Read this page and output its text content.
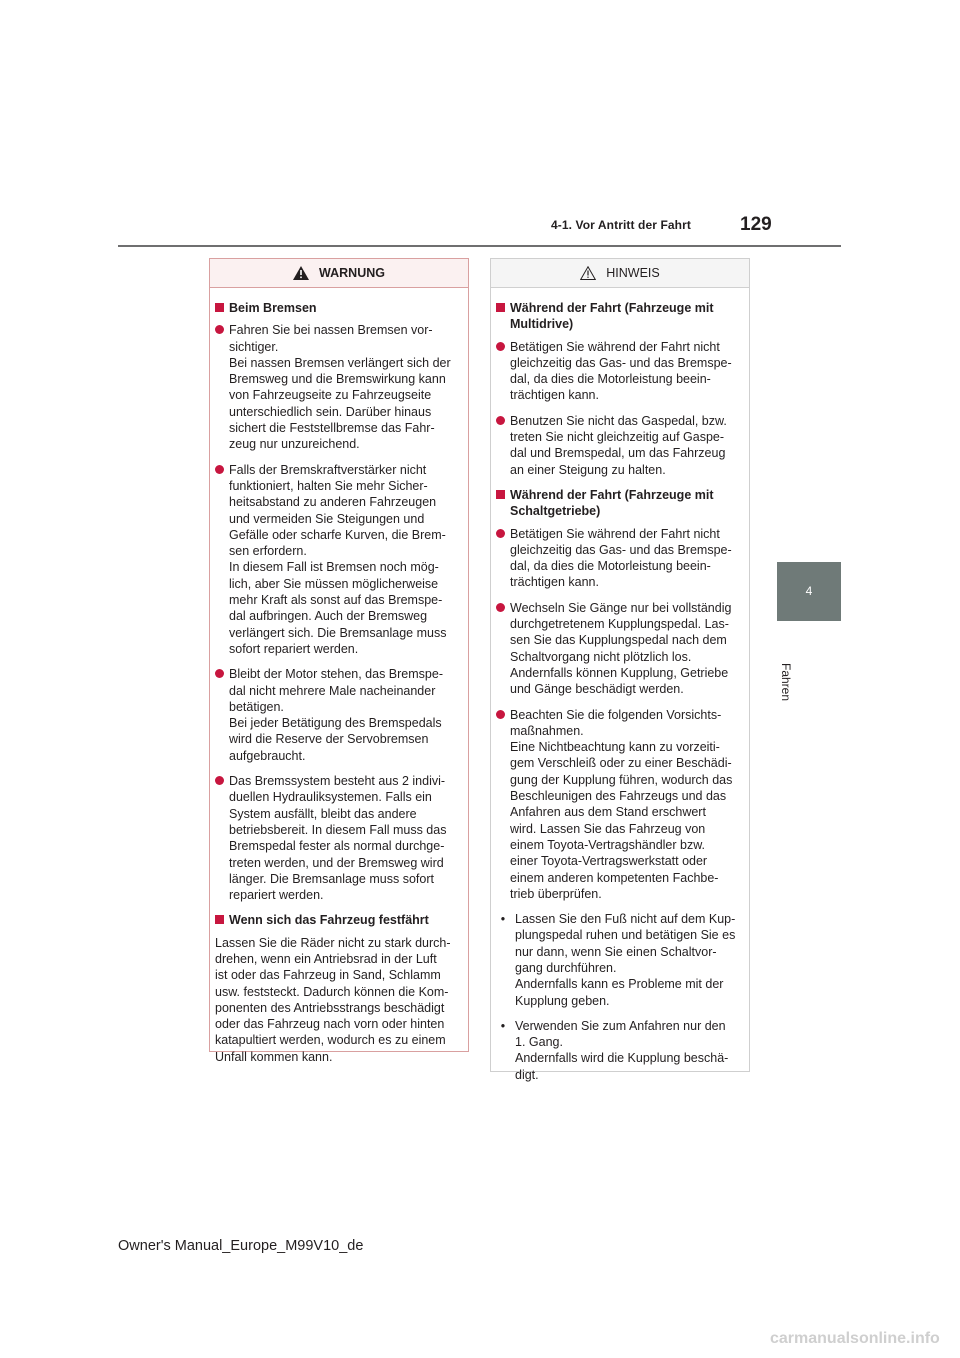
4-1. Vor Antritt der Fahrt	129
4
Fahren
WARNUNG
Beim Bremsen
Fahren Sie bei nassen Bremsen vor-
sichtiger.
Bei nassen Bremsen verlängert sich der
Bremsweg und die Bremswirkung kann
von Fahrzeugseite zu Fahrzeugseite
unterschiedlich sein. Darüber hinaus
sichert die Feststellbremse das Fahr-
zeug nur unzureichend.
Falls der Bremskraftverstärker nicht
funktioniert, halten Sie mehr Sicher-
heitsabstand zu anderen Fahrzeugen
und vermeiden Sie Steigungen und
Gefälle oder scharfe Kurven, die Brem-
sen erfordern.
In diesem Fall ist Bremsen noch mög-
lich, aber Sie müssen möglicherweise
mehr Kraft als sonst auf das Bremspe-
dal aufbringen. Auch der Bremsweg
verlängert sich. Die Bremsanlage muss
sofort repariert werden.
Bleibt der Motor stehen, das Bremspe-
dal nicht mehrere Male nacheinander
betätigen.
Bei jeder Betätigung des Bremspedals
wird die Reserve der Servobremsen
aufgebraucht.
Das Bremssystem besteht aus 2 indivi-
duellen Hydrauliksystemen. Falls ein
System ausfällt, bleibt das andere
betriebsbereit. In diesem Fall muss das
Bremspedal fester als normal durchge-
treten werden, und der Bremsweg wird
länger. Die Bremsanlage muss sofort
repariert werden.
Wenn sich das Fahrzeug festfährt
Lassen Sie die Räder nicht zu stark durch-
drehen, wenn ein Antriebsrad in der Luft
ist oder das Fahrzeug in Sand, Schlamm
usw. feststeckt. Dadurch können die Kom-
ponenten des Antriebsstrangs beschädigt
oder das Fahrzeug nach vorn oder hinten
katapultiert werden, wodurch es zu einem
Unfall kommen kann.
HINWEIS
Während der Fahrt (Fahrzeuge mit
Multidrive)
Betätigen Sie während der Fahrt nicht
gleichzeitig das Gas- und das Bremspe-
dal, da dies die Motorleistung beein-
trächtigen kann.
Benutzen Sie nicht das Gaspedal, bzw.
treten Sie nicht gleichzeitig auf Gaspe-
dal und Bremspedal, um das Fahrzeug
an einer Steigung zu halten.
Während der Fahrt (Fahrzeuge mit
Schaltgetriebe)
Betätigen Sie während der Fahrt nicht
gleichzeitig das Gas- und das Bremspe-
dal, da dies die Motorleistung beein-
trächtigen kann.
Wechseln Sie Gänge nur bei vollständig
durchgetretenem Kupplungspedal. Las-
sen Sie das Kupplungspedal nach dem
Schaltvorgang nicht plötzlich los.
Andernfalls können Kupplung, Getriebe
und Gänge beschädigt werden.
Beachten Sie die folgenden Vorsichts-
maßnahmen.
Eine Nichtbeachtung kann zu vorzeiti-
gem Verschleiß oder zu einer Beschädi-
gung der Kupplung führen, wodurch das
Beschleunigen des Fahrzeugs und das
Anfahren aus dem Stand erschwert
wird. Lassen Sie das Fahrzeug von
einem Toyota-Vertragshändler bzw.
einer Toyota-Vertragswerkstatt oder
einem anderen kompetenten Fachbe-
trieb überprüfen.
• Lassen Sie den Fuß nicht auf dem Kup-
plungspedal ruhen und betätigen Sie es
nur dann, wenn Sie einen Schaltvor-
gang durchführen.
Andernfalls kann es Probleme mit der
Kupplung geben.
• Verwenden Sie zum Anfahren nur den
1. Gang.
Andernfalls wird die Kupplung beschä-
digt.
Owner's Manual_Europe_M99V10_de
carmanualsonline.info
